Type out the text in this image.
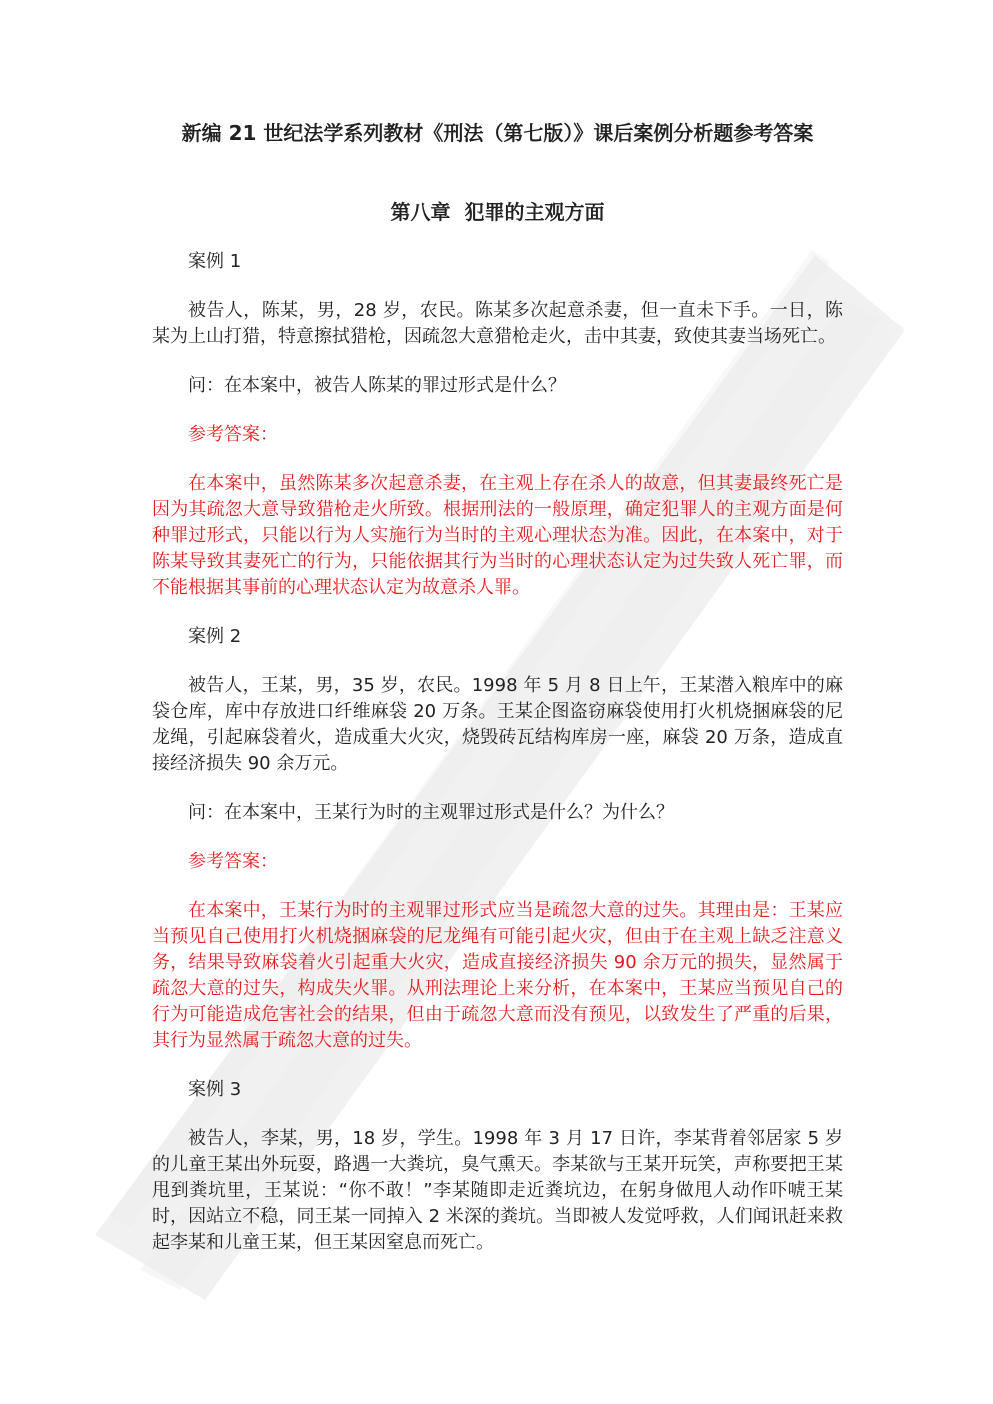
新编 21 世纪法学系列教材《刑法（第七版）》课后案例分析题参考答案
第八章  犯罪的主观方面

案例 1

被告人，陈某，男，28 岁，农民。陈某多次起意杀妻，但一直未下手。一日，陈某为上山打猎，特意擦拭猎枪，因疏忽大意猎枪走火，击中其妻，致使其妻当场死亡。

问：在本案中，被告人陈某的罪过形式是什么？

参考答案：

在本案中，虽然陈某多次起意杀妻，在主观上存在杀人的故意，但其妻最终死亡是因为其疏忽大意导致猎枪走火所致。根据刑法的一般原理，确定犯罪人的主观方面是何种罪过形式，只能以行为人实施行为当时的主观心理状态为准。因此，在本案中，对于陈某导致其妻死亡的行为，只能依据其行为当时的心理状态认定为过失致人死亡罪，而不能根据其事前的心理状态认定为故意杀人罪。

案例 2

被告人，王某，男，35 岁，农民。1998 年 5 月 8 日上午，王某潜入粮库中的麻袋仓库，库中存放进口纤维麻袋 20 万条。王某企图盗窃麻袋使用打火机烧捆麻袋的尼龙绳，引起麻袋着火，造成重大火灾，烧毁砖瓦结构库房一座，麻袋 20 万条，造成直接经济损失 90 余万元。

问：在本案中，王某行为时的主观罪过形式是什么？为什么？

参考答案：

在本案中，王某行为时的主观罪过形式应当是疏忽大意的过失。其理由是：王某应当预见自己使用打火机烧捆麻袋的尼龙绳有可能引起火灾，但由于在主观上缺乏注意义务，结果导致麻袋着火引起重大火灾，造成直接经济损失 90 余万元的损失，显然属于疏忽大意的过失，构成失火罪。从刑法理论上来分析，在本案中，王某应当预见自己的行为可能造成危害社会的结果，但由于疏忽大意而没有预见，以致发生了严重的后果，其行为显然属于疏忽大意的过失。

案例 3

被告人，李某，男，18 岁，学生。1998 年 3 月 17 日许，李某背着邻居家 5 岁的儿童王某出外玩耍，路遇一大粪坑，臭气熏天。李某欲与王某开玩笑，声称要把王某甩到粪坑里，王某说：“你不敢！”李某随即走近粪坑边，在躬身做甩人动作吓唬王某时，因站立不稳，同王某一同掉入 2 米深的粪坑。当即被人发觉呼救，人们闻讯赶来救起李某和儿童王某，但王某因窒息而死亡。
